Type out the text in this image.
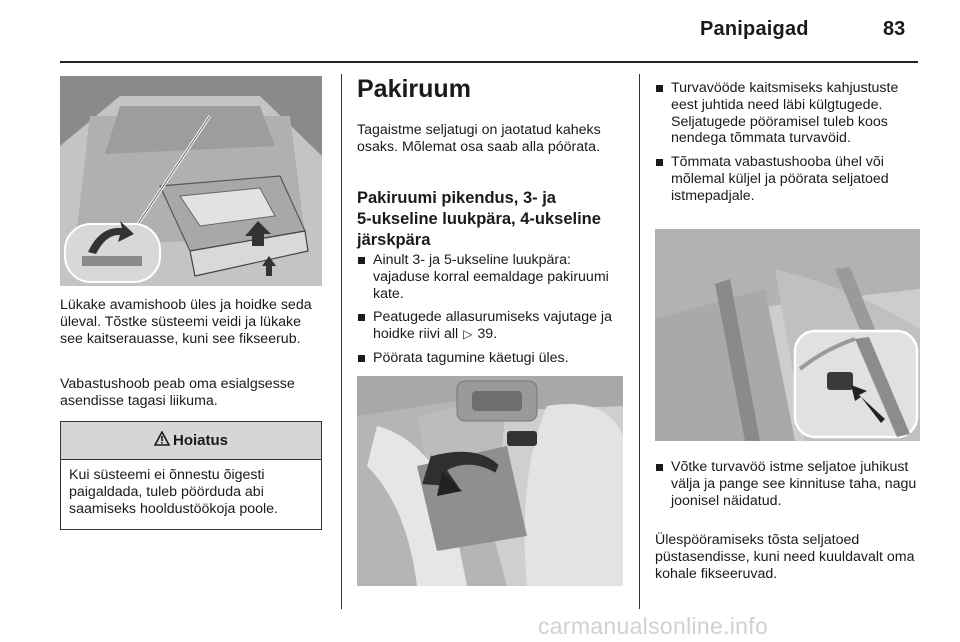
Panipaigad	83
Lükake avamishoob üles ja hoidke seda üleval. Tõstke süsteemi veidi ja lükake see kaitserauasse, kuni see fikseerub.
Vabastushoob peab oma esialgsesse asendisse tagasi liikuma.
Hoiatus
Kui süsteemi ei õnnestu õigesti paigaldada, tuleb pöörduda abi saamiseks hooldustöökoja poole.
Pakiruum
Tagaistme seljatugi on jaotatud kaheks osaks. Mõlemat osa saab alla póörata.
Pakiruumi pikendus, 3- ja
5-ukseline luukpära, 4-ukseline
järskpära
Ainult 3- ja 5-ukseline luukpära: vajaduse korral eemaldage pakiruumi kate.
Peatugede allasurumiseks vajutage ja hoidke riivi all ▷ 39.
Pöörata tagumine käetugi üles.
Turvavööde kaitsmiseks kahjustuste eest juhtida need läbi külgtugede. Seljatugede pööramisel tuleb koos nendega tõmmata turvavöid.
Tõmmata vabastushooba ühel või mõlemal küljel ja pöörata seljatoed istmepadjale.
Võtke turvavöö istme seljatoe juhikust välja ja pange see kinnituse taha, nagu joonisel näidatud.
Ülespööramiseks tõsta seljatoed püstasendisse, kuni need kuuldavalt oma kohale fikseeruvad.
carmanualsonline.info
